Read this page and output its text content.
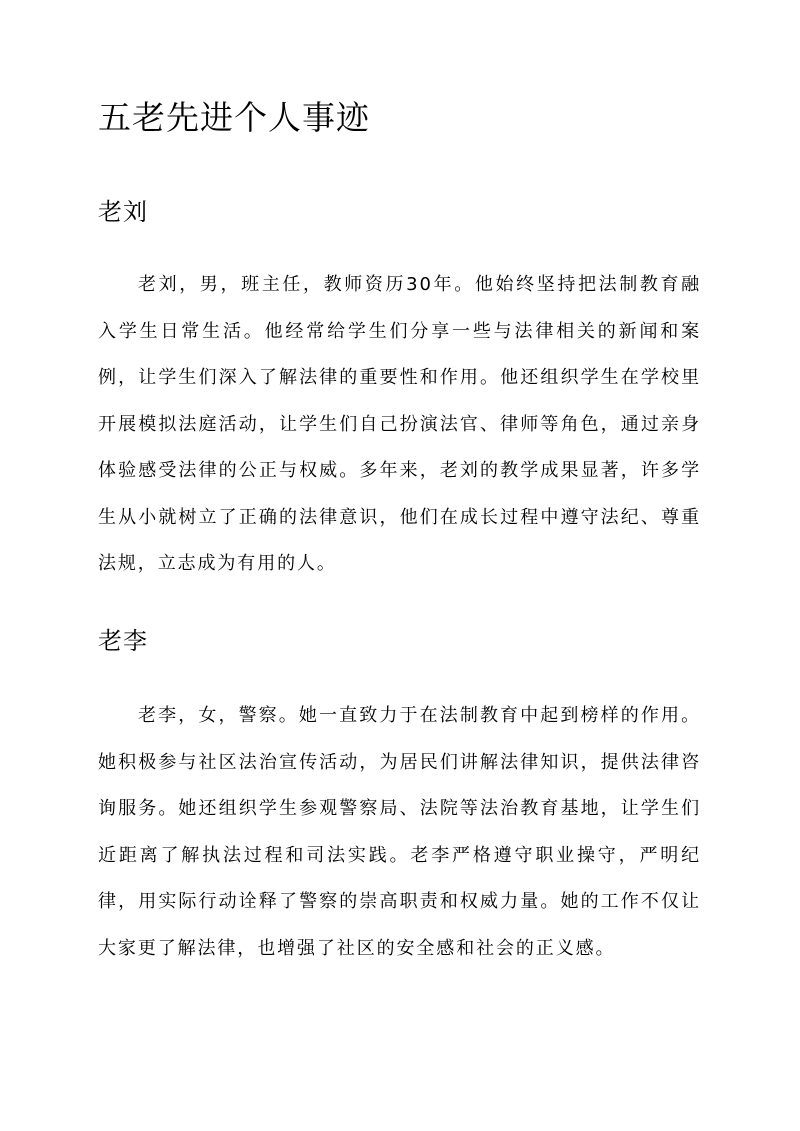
五老先进个人事迹
老刘

老刘，男，班主任，教师资历30年。他始终坚持把法制教育融入学生日常生活。他经常给学生们分享一些与法律相关的新闻和案例，让学生们深入了解法律的重要性和作用。他还组织学生在学校里开展模拟法庭活动，让学生们自己扮演法官、律师等角色，通过亲身体验感受法律的公正与权威。多年来，老刘的教学成果显著，许多学生从小就树立了正确的法律意识，他们在成长过程中遵守法纪、尊重法规，立志成为有用的人。

老李

老李，女，警察。她一直致力于在法制教育中起到榜样的作用。她积极参与社区法治宣传活动，为居民们讲解法律知识，提供法律咨询服务。她还组织学生参观警察局、法院等法治教育基地，让学生们近距离了解执法过程和司法实践。老李严格遵守职业操守，严明纪律，用实际行动诠释了警察的崇高职责和权威力量。她的工作不仅让大家更了解法律，也增强了社区的安全感和社会的正义感。
